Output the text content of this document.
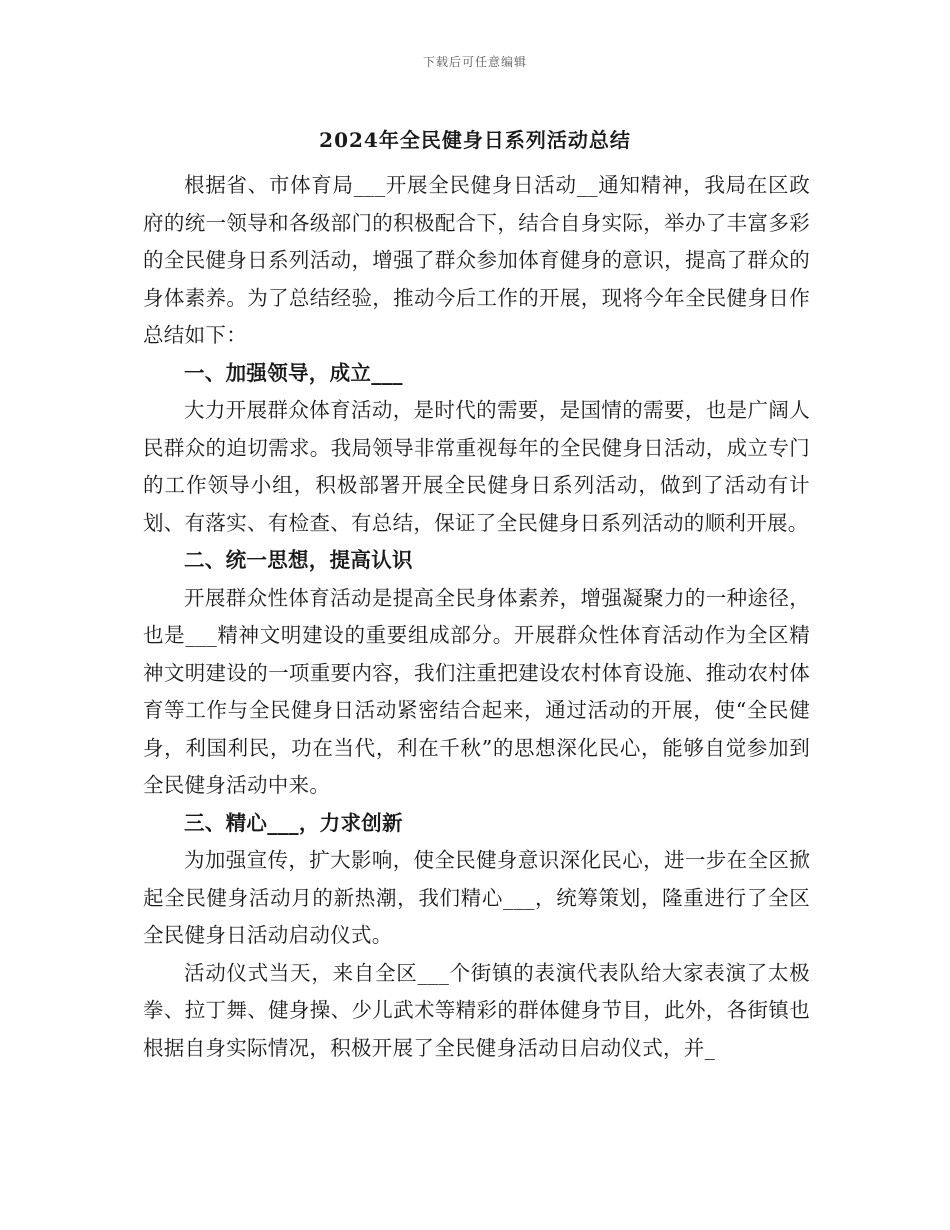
下载后可任意编辑
2024年全民健身日系列活动总结

根据省、市体育局___开展全民健身日活动__通知精神，我局在区政府的统一领导和各级部门的积极配合下，结合自身实际，举办了丰富多彩的全民健身日系列活动，增强了群众参加体育健身的意识，提高了群众的身体素养。为了总结经验，推动今后工作的开展，现将今年全民健身日作总结如下：

一、加强领导，成立___

大力开展群众体育活动，是时代的需要，是国情的需要，也是广阔人民群众的迫切需求。我局领导非常重视每年的全民健身日活动，成立专门的工作领导小组，积极部署开展全民健身日系列活动，做到了活动有计划、有落实、有检查、有总结，保证了全民健身日系列活动的顺利开展。

二、统一思想，提高认识

开展群众性体育活动是提高全民身体素养，增强凝聚力的一种途径，也是___精神文明建设的重要组成部分。开展群众性体育活动作为全区精神文明建设的一项重要内容，我们注重把建设农村体育设施、推动农村体育等工作与全民健身日活动紧密结合起来，通过活动的开展，使“全民健身，利国利民，功在当代，利在千秋”的思想深化民心，能够自觉参加到全民健身活动中来。

三、精心___，力求创新

为加强宣传，扩大影响，使全民健身意识深化民心，进一步在全区掀起全民健身活动月的新热潮，我们精心___，统筹策划，隆重进行了全区全民健身日活动启动仪式。

活动仪式当天，来自全区___个街镇的表演代表队给大家表演了太极拳、拉丁舞、健身操、少儿武术等精彩的群体健身节目，此外，各街镇也根据自身实际情况，积极开展了全民健身活动日启动仪式，并_
